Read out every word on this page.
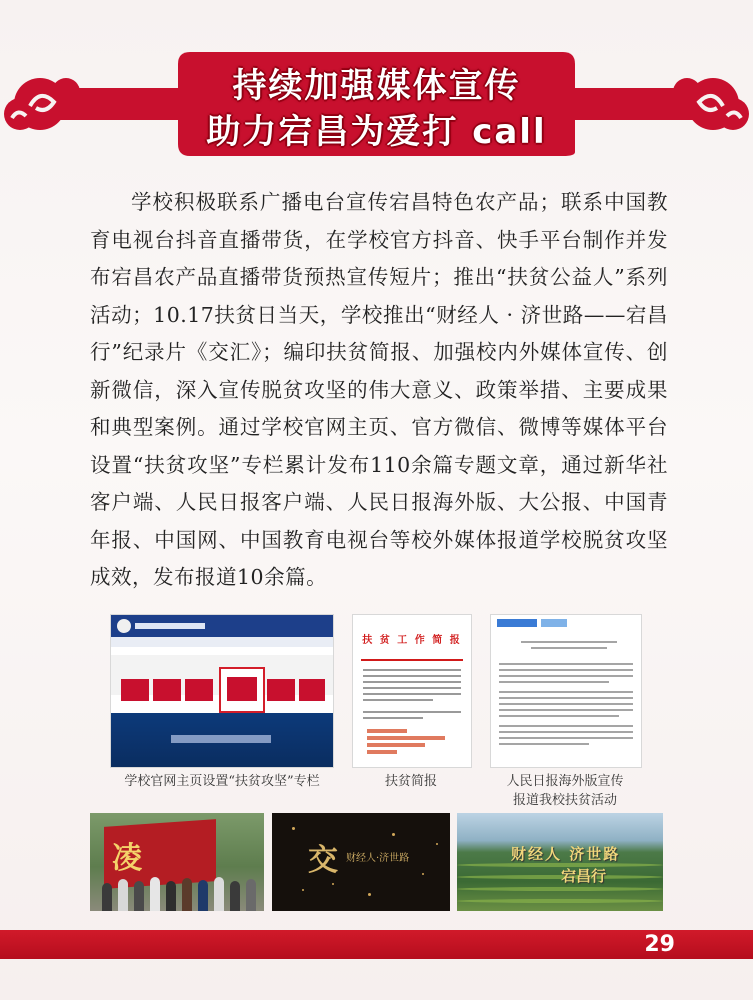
持续加强媒体宣传
助力宕昌为爱打 call
学校积极联系广播电台宣传宕昌特色农产品；联系中国教育电视台抖音直播带货，在学校官方抖音、快手平台制作并发布宕昌农产品直播带货预热宣传短片；推出“扶贫公益人”系列活动；10.17扶贫日当天，学校推出“财经人 · 济世路——宕昌行”纪录片《交汇》；编印扶贫简报、加强校内外媒体宣传、创新微信，深入宣传脱贫攻坚的伟大意义、政策举措、主要成果和典型案例。通过学校官网主页、官方微信、微博等媒体平台设置“扶贫攻坚”专栏累计发布110余篇专题文章，通过新华社客户端、人民日报客户端、人民日报海外版、大公报、中国青年报、中国网、中国教育电视台等校外媒体报道学校脱贫攻坚成效，发布报道10余篇。
学校官网主页设置“扶贫攻坚”专栏
扶 贫 工 作 简 报
扶贫简报	人民日报海外版宣传
报道我校扶贫活动
凌	交 财经人·济世路	财经人 济世路
宕昌行
29
